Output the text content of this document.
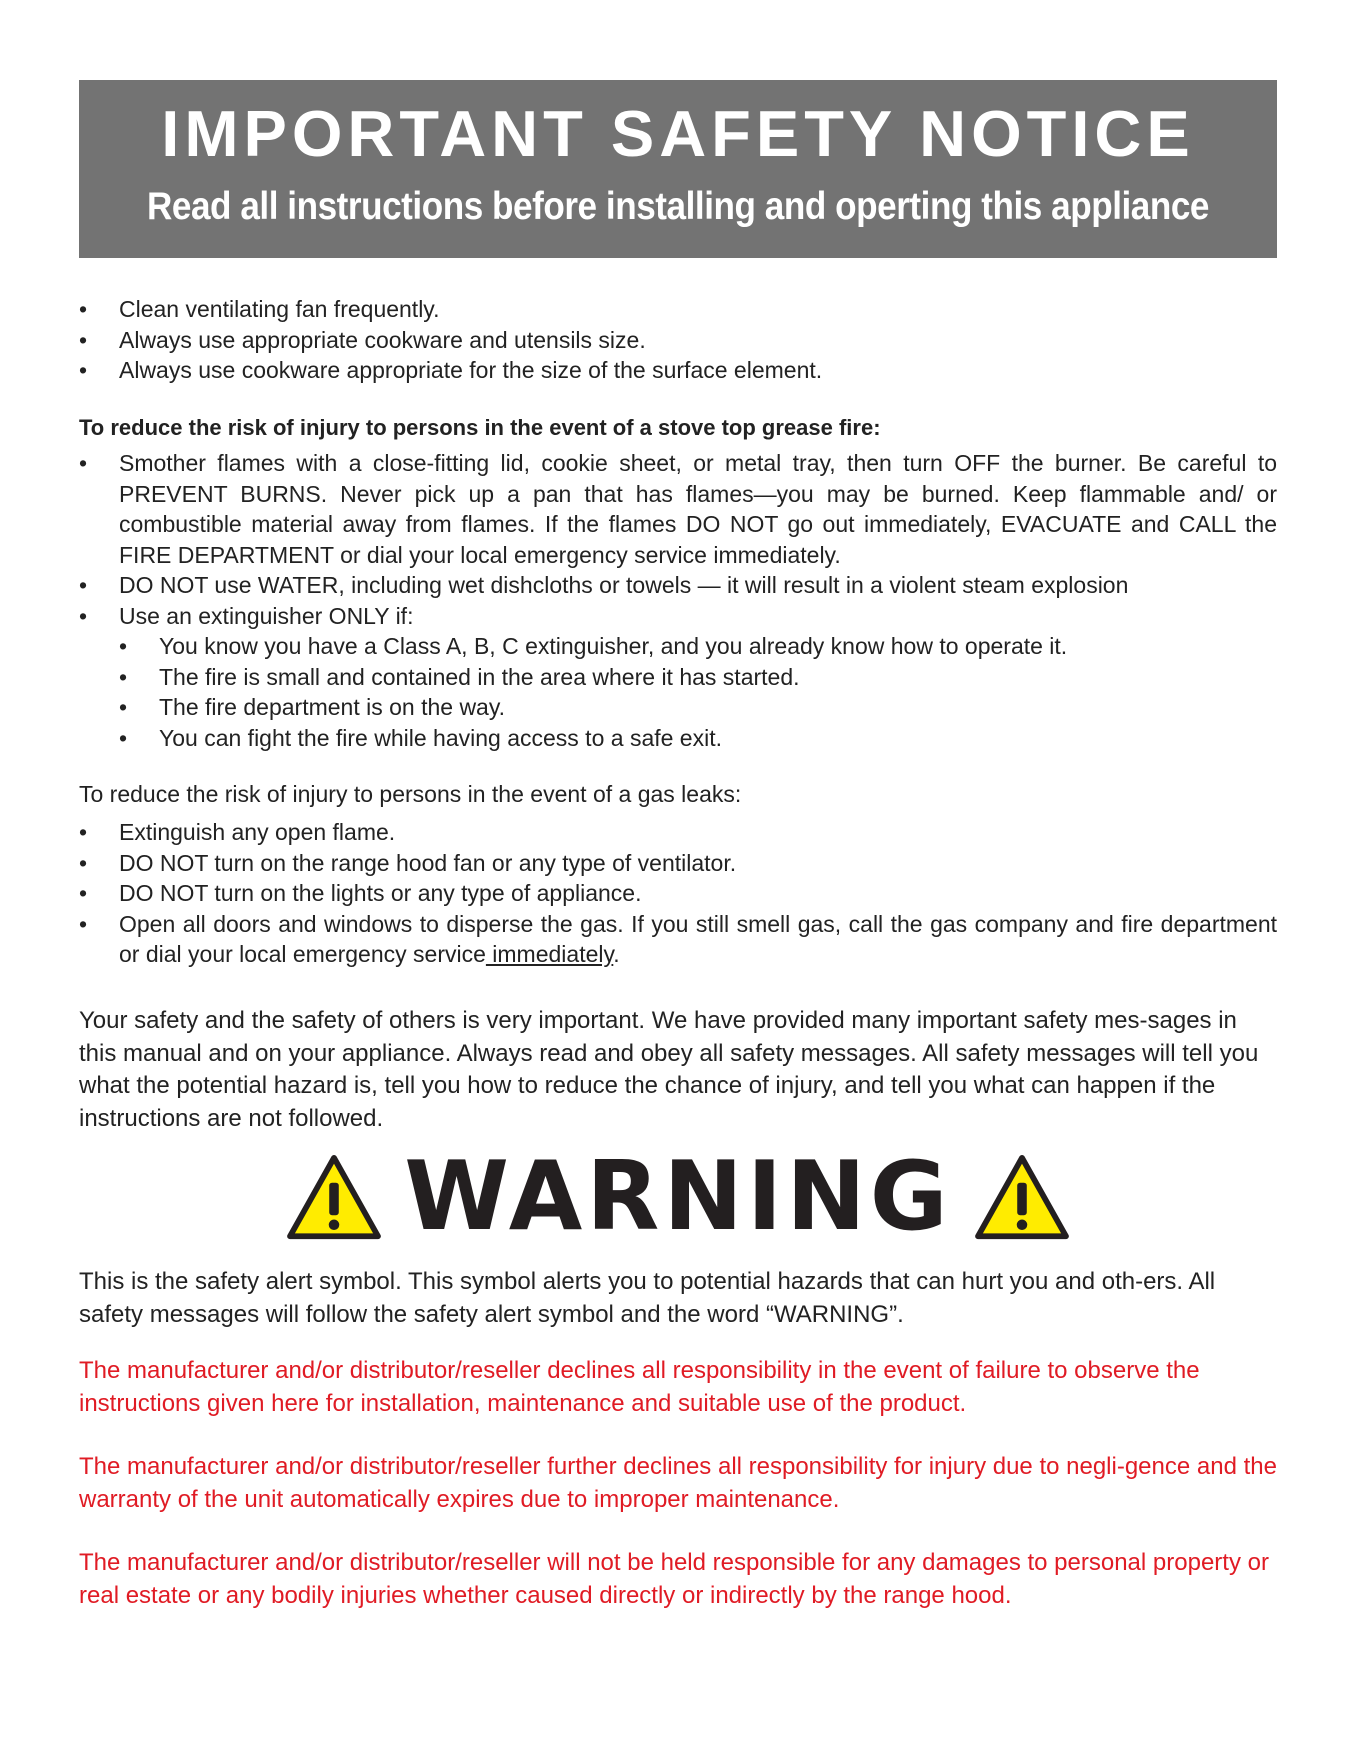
IMPORTANT SAFETY NOTICE
Read all instructions before installing and operting this appliance
• Clean ventilating fan frequently.
• Always use appropriate cookware and utensils size.
• Always use cookware appropriate for the size of the surface element.
To reduce the risk of injury to persons in the event of a stove top grease fire:
• Smother flames with a close-fitting lid, cookie sheet, or metal tray, then turn OFF the burner. Be careful to PREVENT BURNS. Never pick up a pan that has flames—you may be burned. Keep flammable and/ or combustible material away from flames. If the flames DO NOT go out immediately, EVACUATE and CALL the FIRE DEPARTMENT or dial your local emergency service immediately.
• DO NOT use WATER, including wet dishcloths or towels — it will result in a violent steam explosion
• Use an extinguisher ONLY if:
• You know you have a Class A, B, C extinguisher, and you already know how to operate it.
• The fire is small and contained in the area where it has started.
• The fire department is on the way.
• You can fight the fire while having access to a safe exit.
To reduce the risk of injury to persons in the event of a gas leaks:
• Extinguish any open flame.
• DO NOT turn on the range hood fan or any type of ventilator.
• DO NOT turn on the lights or any type of appliance.
• Open all doors and windows to disperse the gas. If you still smell gas, call the gas company and fire department or dial your local emergency service immediately.
Your safety and the safety of others is very important. We have provided many important safety mes-sages in this manual and on your appliance. Always read and obey all safety messages. All safety messages will tell you what the potential hazard is, tell you how to reduce the chance of injury, and tell you what can happen if the instructions are not followed.
WARNING
This is the safety alert symbol. This symbol alerts you to potential hazards that can hurt you and oth-ers. All safety messages will follow the safety alert symbol and the word “WARNING”.
The manufacturer and/or distributor/reseller declines all responsibility in the event of failure to observe the instructions given here for installation, maintenance and suitable use of the product.
The manufacturer and/or distributor/reseller further declines all responsibility for injury due to negli-gence and the warranty of the unit automatically expires due to improper maintenance.
The manufacturer and/or distributor/reseller will not be held responsible for any damages to personal property or real estate or any bodily injuries whether caused directly or indirectly by the range hood.
